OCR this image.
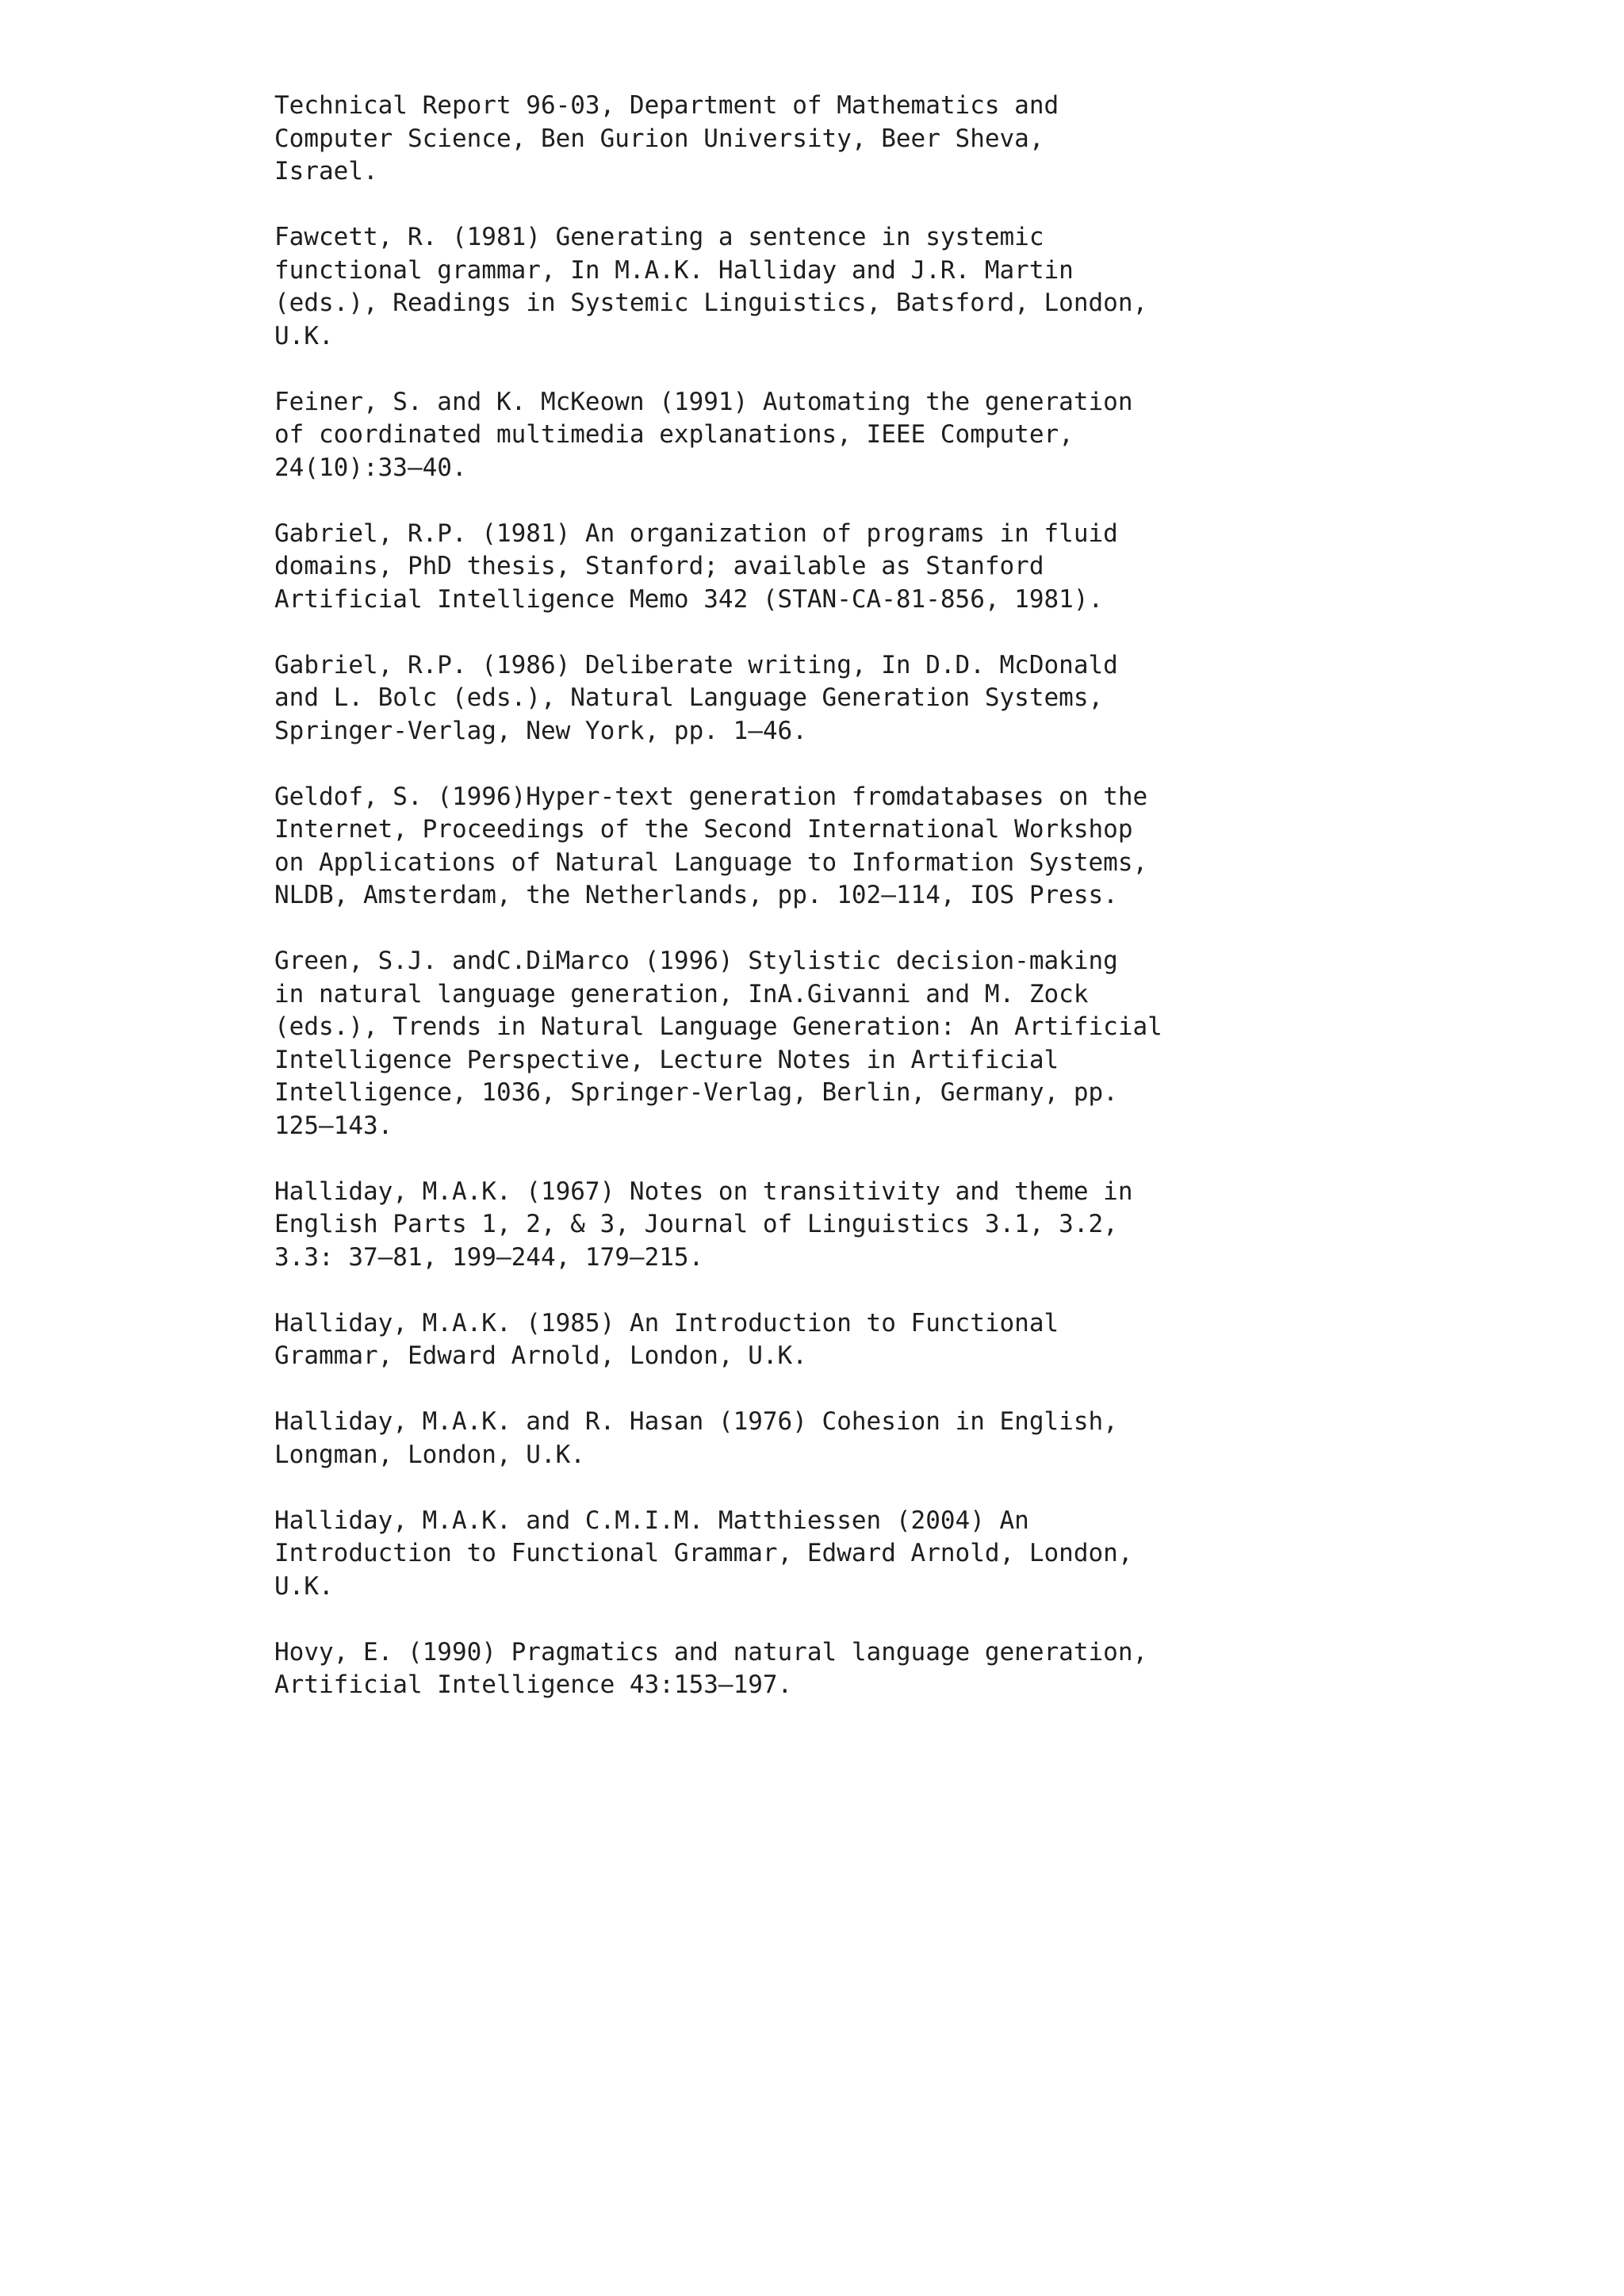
Technical Report 96-03, Department of Mathematics and
Computer Science, Ben Gurion University, Beer Sheva,
Israel.
Fawcett, R. (1981) Generating a sentence in systemic
functional grammar, In M.A.K. Halliday and J.R. Martin
(eds.), Readings in Systemic Linguistics, Batsford, London,
U.K.
Feiner, S. and K. McKeown (1991) Automating the generation
of coordinated multimedia explanations, IEEE Computer,
24(10):33–40.
Gabriel, R.P. (1981) An organization of programs in fluid
domains, PhD thesis, Stanford; available as Stanford
Artificial Intelligence Memo 342 (STAN-CA-81-856, 1981).
Gabriel, R.P. (1986) Deliberate writing, In D.D. McDonald
and L. Bolc (eds.), Natural Language Generation Systems,
Springer-Verlag, New York, pp. 1–46.
Geldof, S. (1996)Hyper-text generation fromdatabases on the
Internet, Proceedings of the Second International Workshop
on Applications of Natural Language to Information Systems,
NLDB, Amsterdam, the Netherlands, pp. 102–114, IOS Press.
Green, S.J. andC.DiMarco (1996) Stylistic decision-making
in natural language generation, InA.Givanni and M. Zock
(eds.), Trends in Natural Language Generation: An Artificial
Intelligence Perspective, Lecture Notes in Artificial
Intelligence, 1036, Springer-Verlag, Berlin, Germany, pp.
125–143.
Halliday, M.A.K. (1967) Notes on transitivity and theme in
English Parts 1, 2, & 3, Journal of Linguistics 3.1, 3.2,
3.3: 37–81, 199–244, 179–215.
Halliday, M.A.K. (1985) An Introduction to Functional
Grammar, Edward Arnold, London, U.K.
Halliday, M.A.K. and R. Hasan (1976) Cohesion in English,
Longman, London, U.K.
Halliday, M.A.K. and C.M.I.M. Matthiessen (2004) An
Introduction to Functional Grammar, Edward Arnold, London,
U.K.
Hovy, E. (1990) Pragmatics and natural language generation,
Artificial Intelligence 43:153–197.
